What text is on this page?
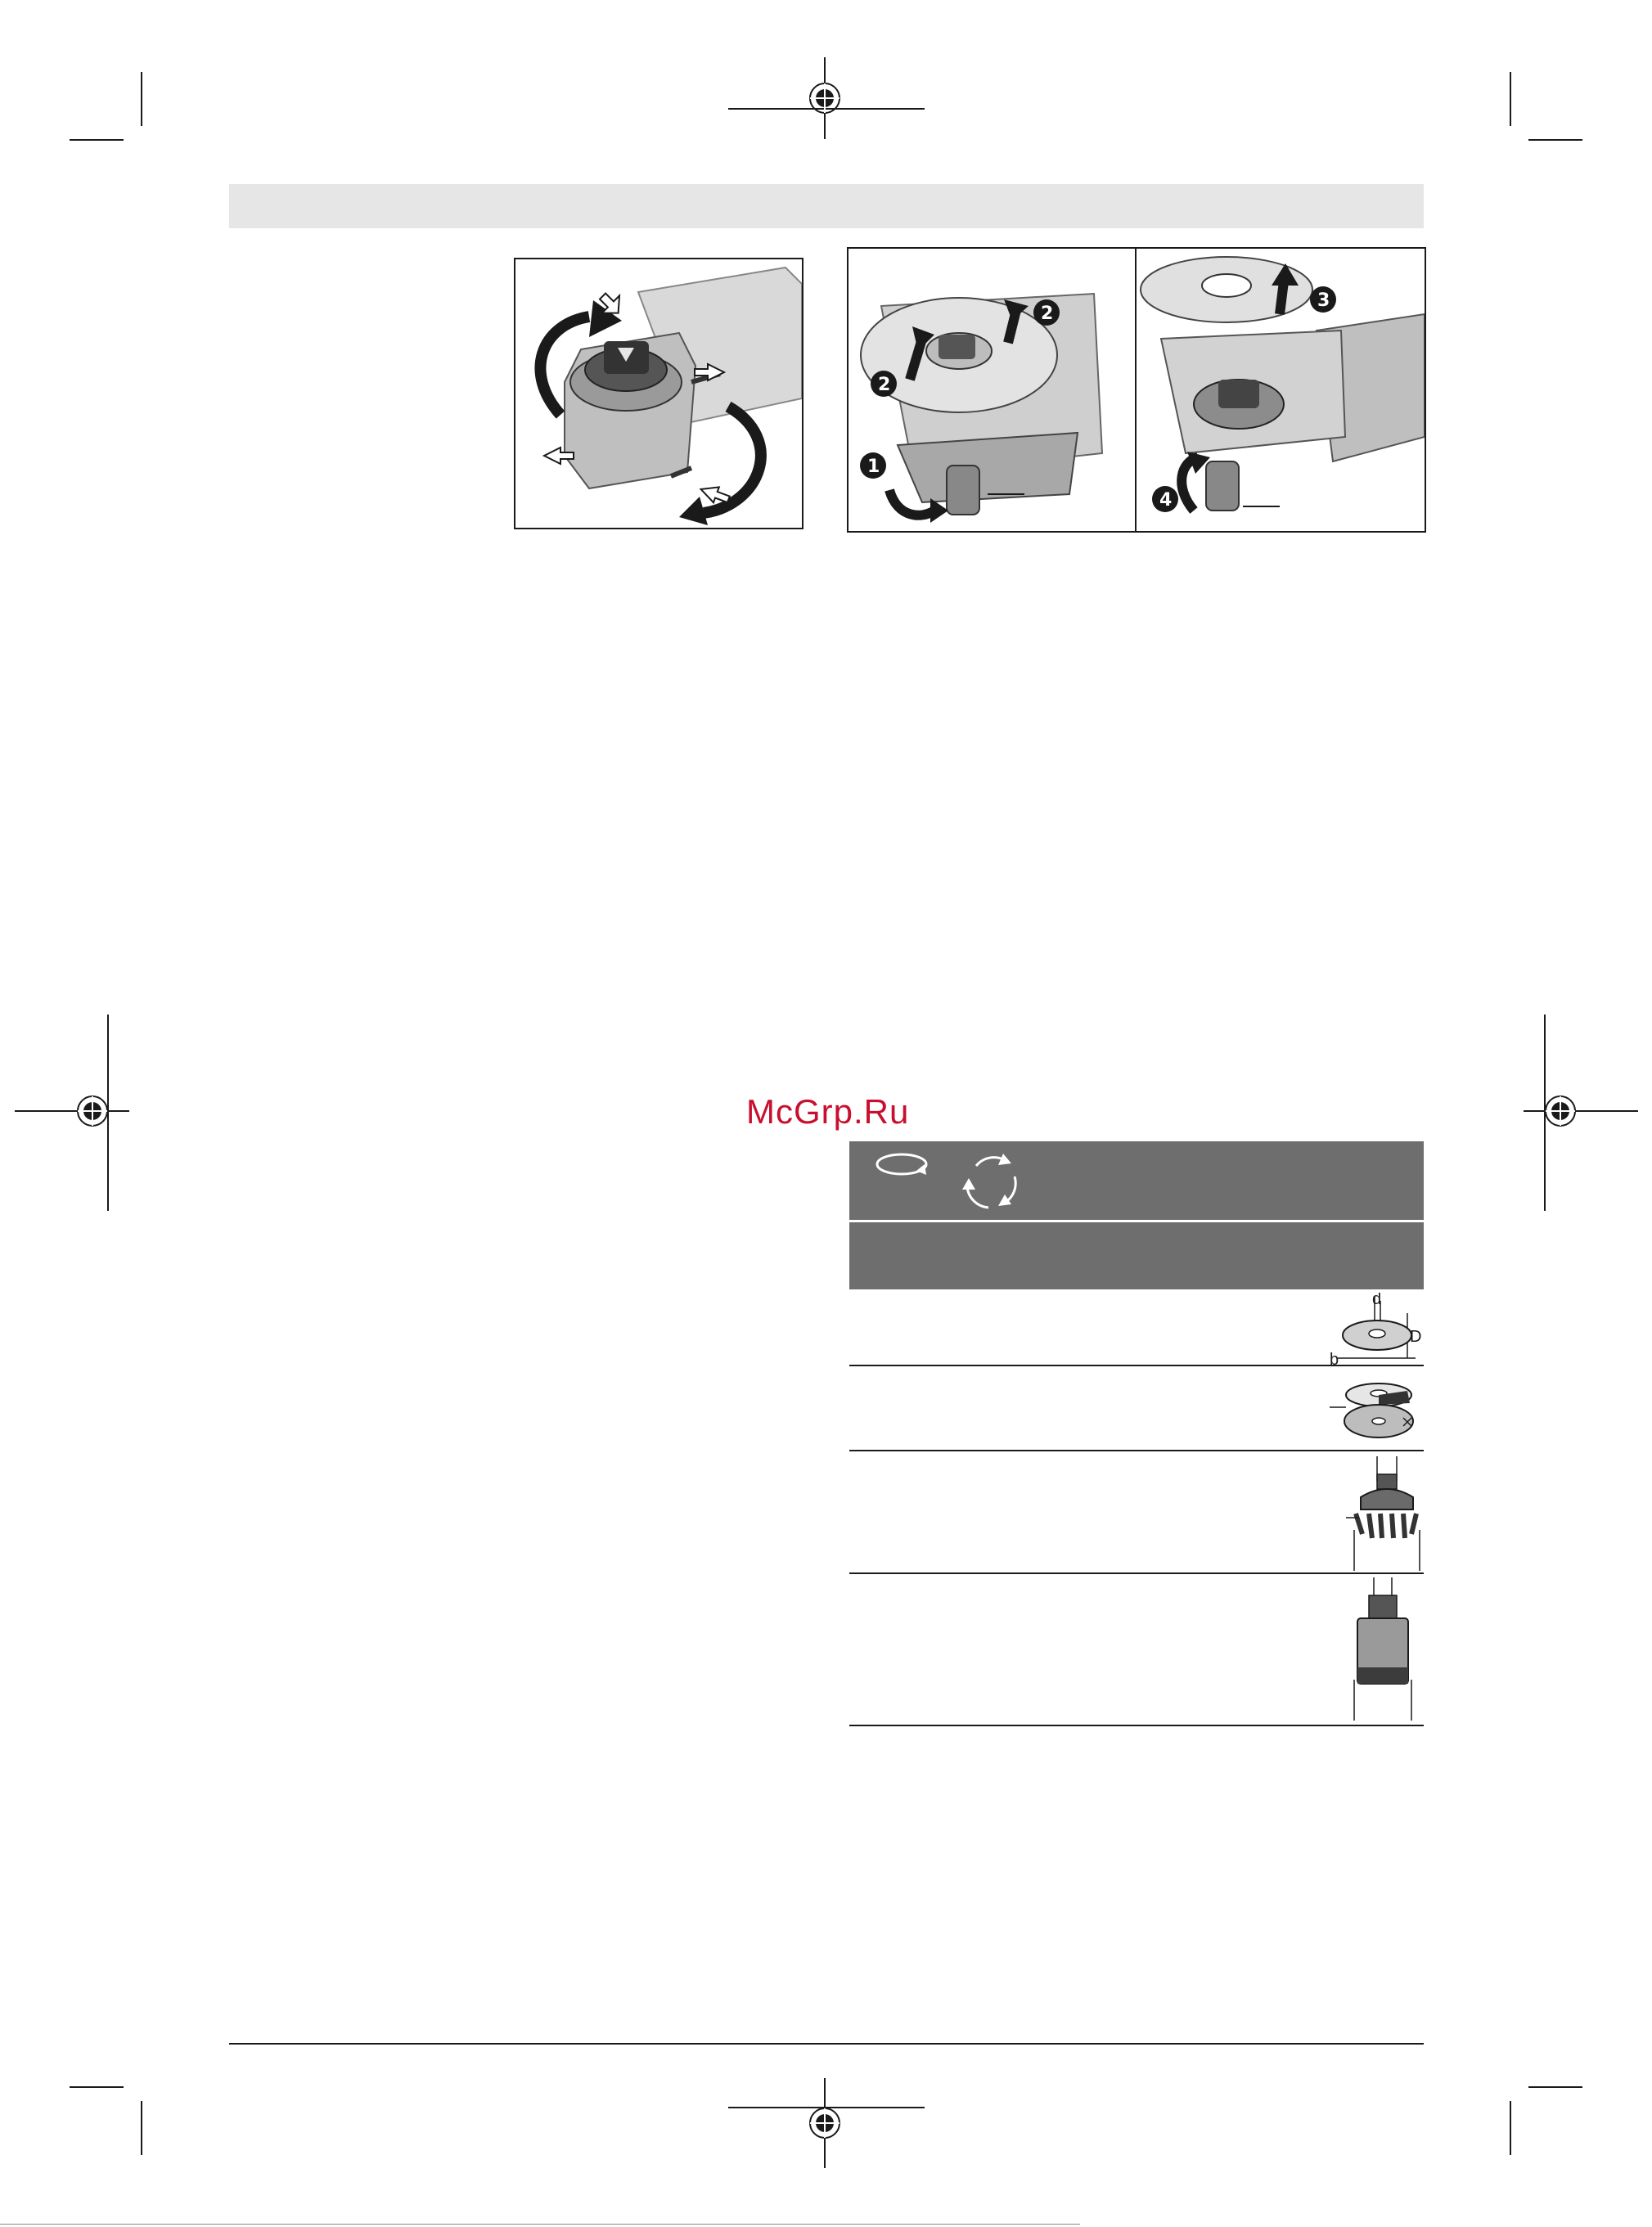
2
2
1
3
4
McGrp.Ru
d
D
b
